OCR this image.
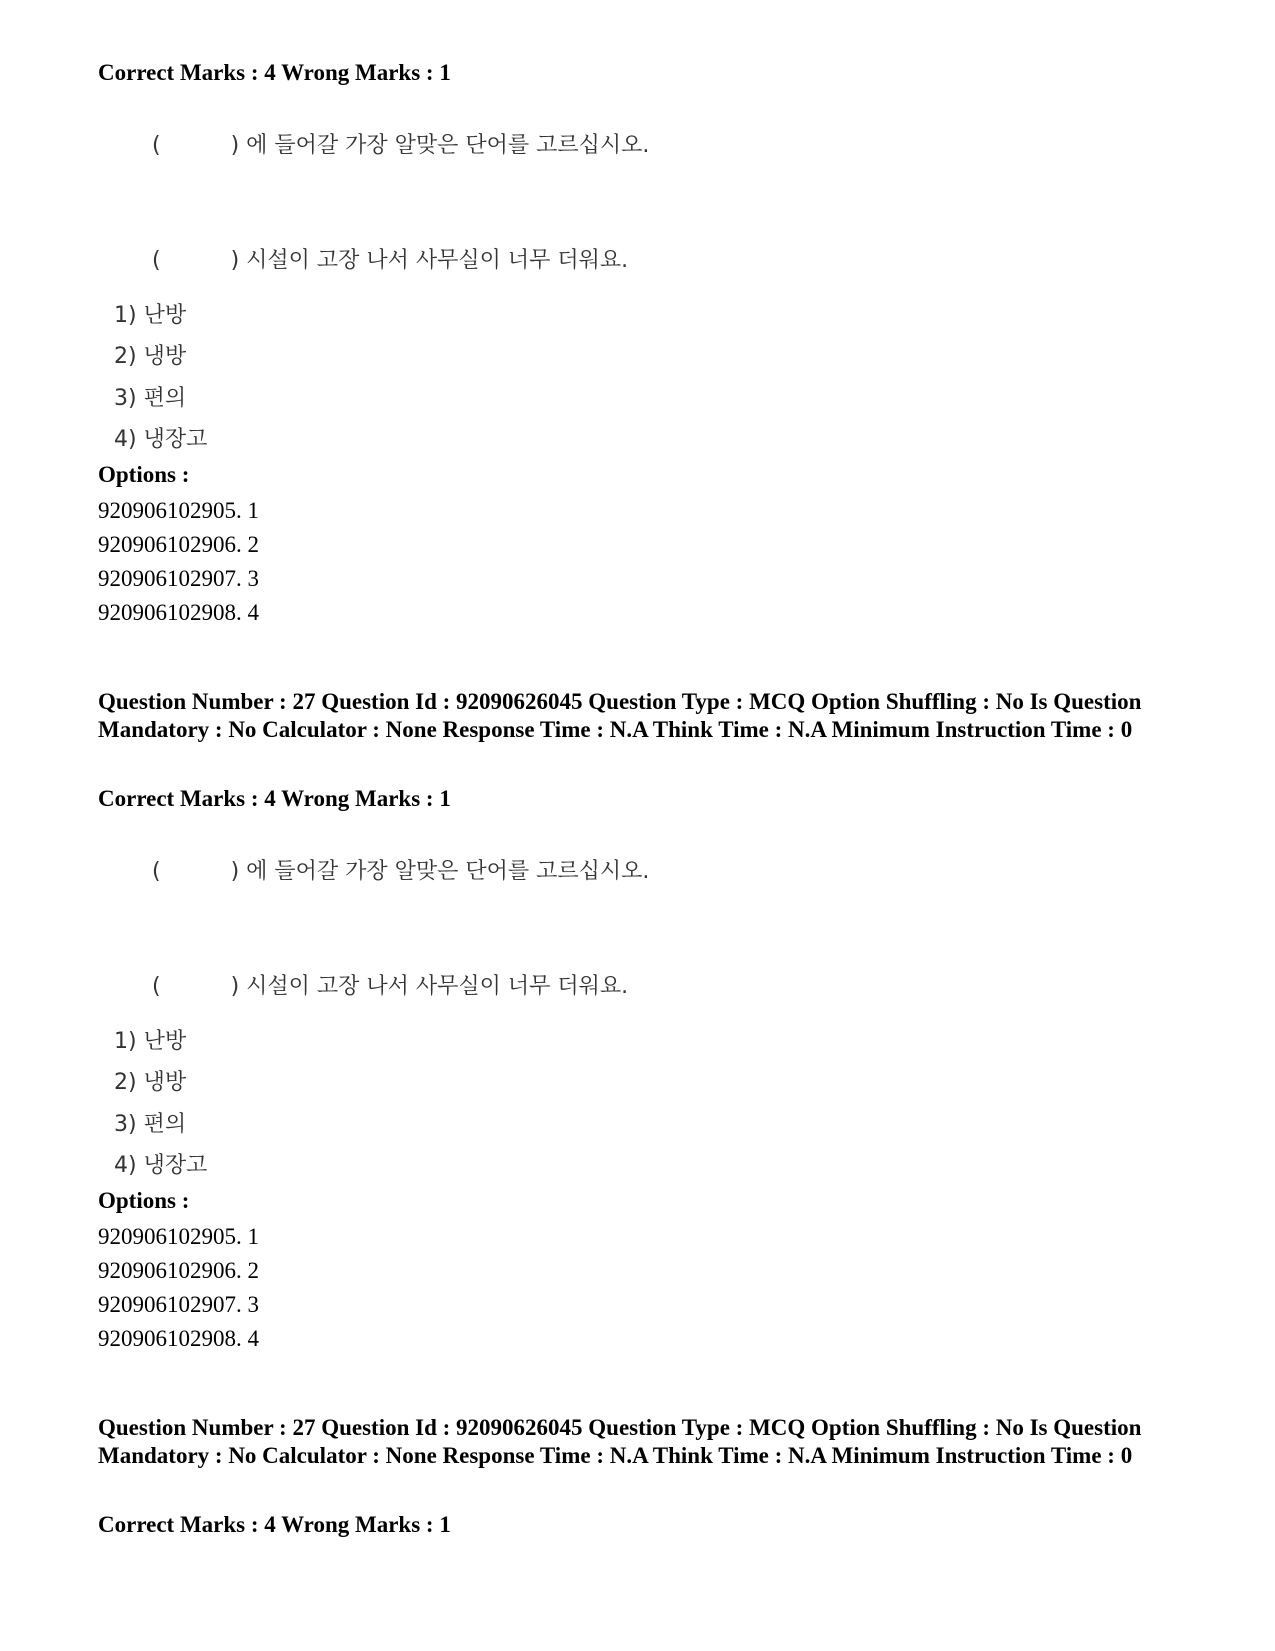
Correct Marks : 4 Wrong Marks : 1
(	) 에 들어갈 가장 알맞은 단어를 고르십시오.
(	) 시설이 고장 나서 사무실이 너무 더워요.
1) 난방
2) 냉방
3) 편의
4) 냉장고
Options :
920906102905. 1
920906102906. 2
920906102907. 3
920906102908. 4
Question Number : 27 Question Id : 92090626045 Question Type : MCQ Option Shuffling : No Is Question Mandatory : No Calculator : None Response Time : N.A Think Time : N.A Minimum Instruction Time : 0
Correct Marks : 4 Wrong Marks : 1
(	) 에 들어갈 가장 알맞은 단어를 고르십시오.
(	) 시설이 고장 나서 사무실이 너무 더워요.
1) 난방
2) 냉방
3) 편의
4) 냉장고
Options :
920906102905. 1
920906102906. 2
920906102907. 3
920906102908. 4
Question Number : 27 Question Id : 92090626045 Question Type : MCQ Option Shuffling : No Is Question Mandatory : No Calculator : None Response Time : N.A Think Time : N.A Minimum Instruction Time : 0
Correct Marks : 4 Wrong Marks : 1
